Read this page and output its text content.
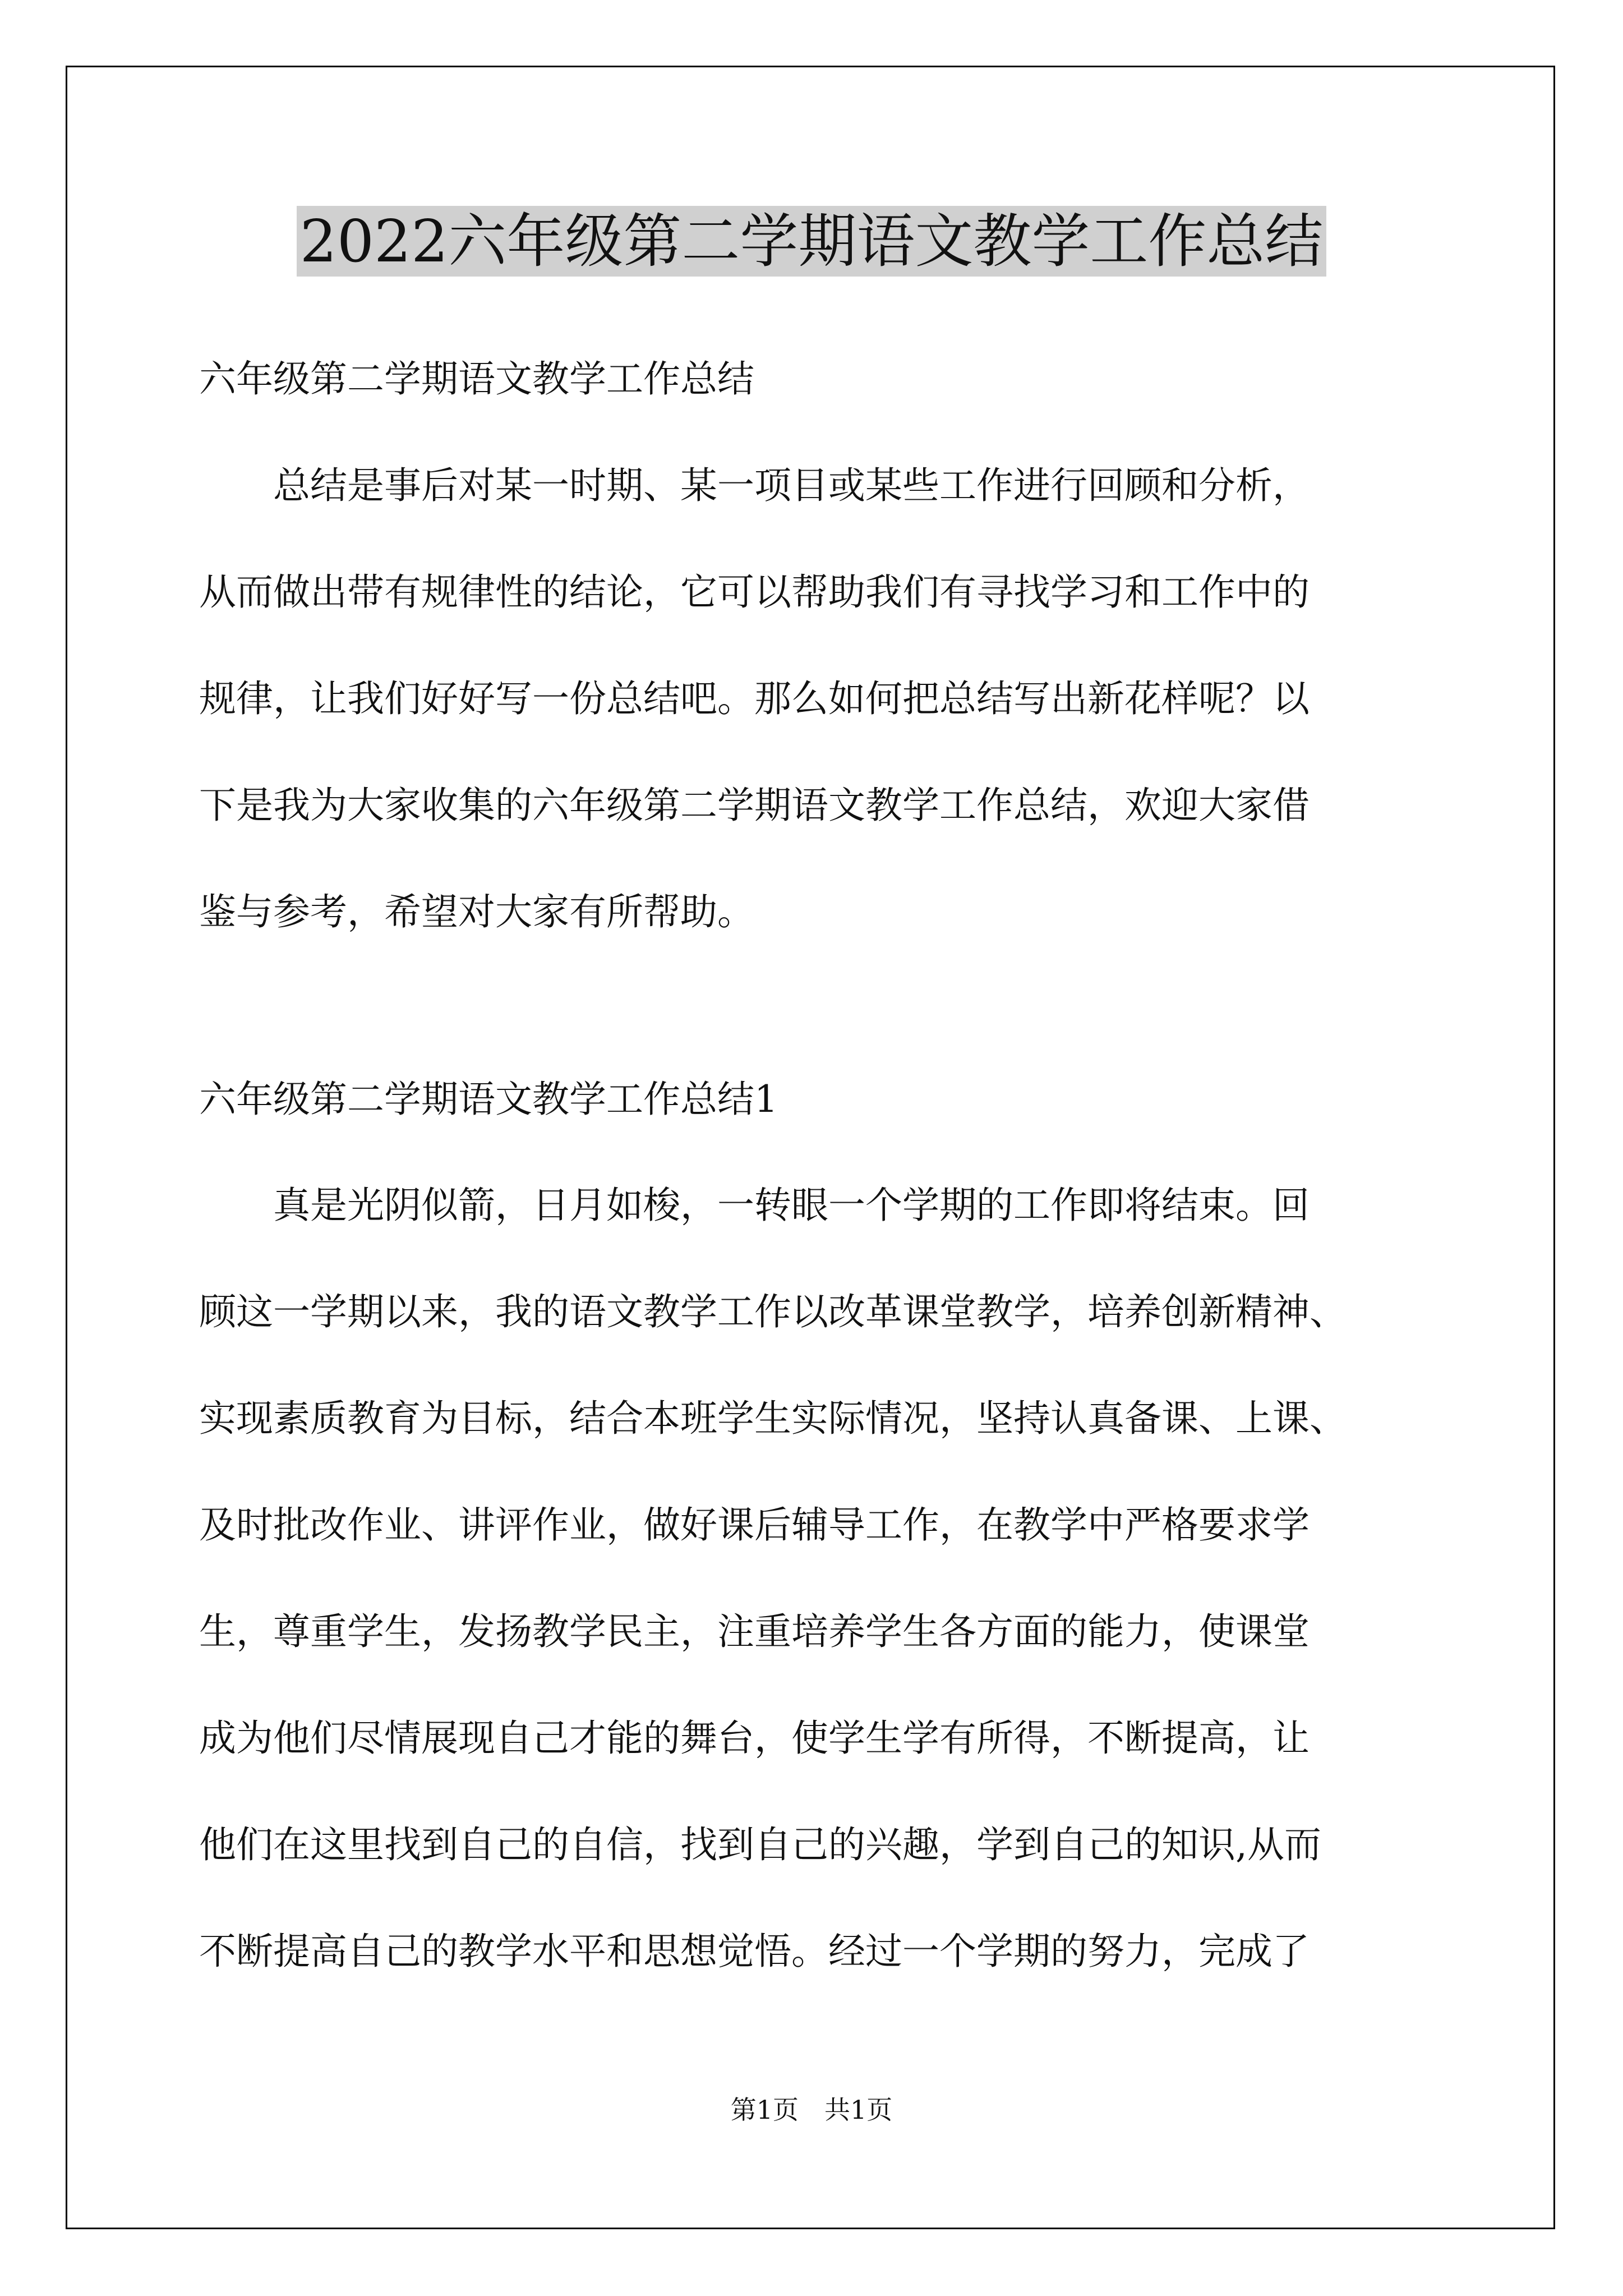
2022六年级第二学期语文教学工作总结
六年级第二学期语文教学工作总结
　　总结是事后对某一时期、某一项目或某些工作进行回顾和分析，
从而做出带有规律性的结论，它可以帮助我们有寻找学习和工作中的
规律，让我们好好写一份总结吧。那么如何把总结写出新花样呢？以
下是我为大家收集的六年级第二学期语文教学工作总结，欢迎大家借
鉴与参考，希望对大家有所帮助。
六年级第二学期语文教学工作总结1
　　真是光阴似箭，日月如梭，一转眼一个学期的工作即将结束。回
顾这一学期以来，我的语文教学工作以改革课堂教学，培养创新精神、
实现素质教育为目标，结合本班学生实际情况，坚持认真备课、上课、
及时批改作业、讲评作业，做好课后辅导工作，在教学中严格要求学
生，尊重学生，发扬教学民主，注重培养学生各方面的能力，使课堂
成为他们尽情展现自己才能的舞台，使学生学有所得，不断提高，让
他们在这里找到自己的自信，找到自己的兴趣，学到自己的知识,从而
不断提高自己的教学水平和思想觉悟。经过一个学期的努力，完成了
第1页　共1页
